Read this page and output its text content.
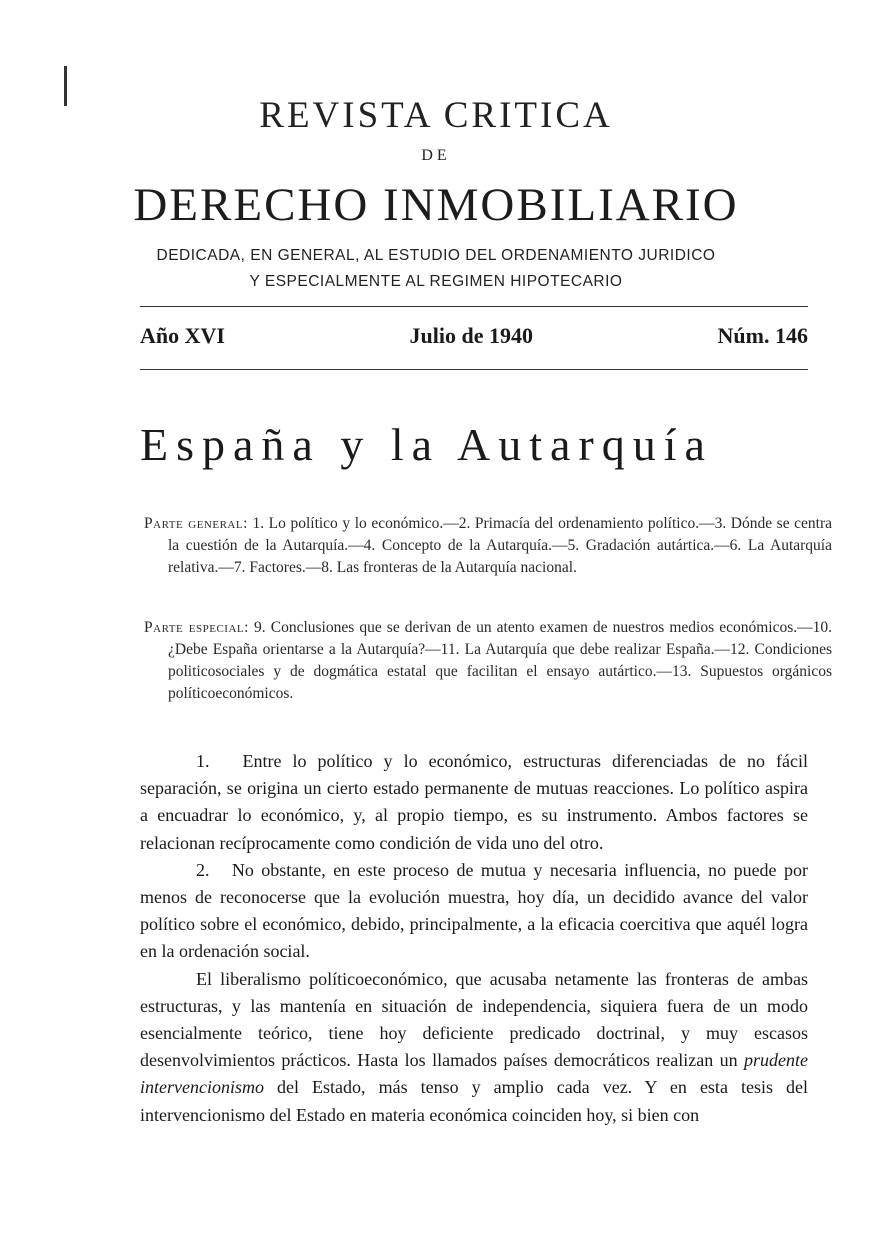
REVISTA CRITICA
DE
DERECHO INMOBILIARIO
DEDICADA, EN GENERAL, AL ESTUDIO DEL ORDENAMIENTO JURIDICO
Y ESPECIALMENTE AL REGIMEN HIPOTECARIO
Año XVI	Julio de 1940	Núm. 146
España y la Autarquía
Parte general: 1. Lo político y lo económico.—2. Primacía del ordenamiento político.—3. Dónde se centra la cuestión de la Autarquía.—4. Concepto de la Autarquía.—5. Gradación autártica.—6. La Autarquía relativa.—7. Factores.—8. Las fronteras de la Autarquía nacional.
Parte especial: 9. Conclusiones que se derivan de un atento examen de nuestros medios económicos.—10. ¿Debe España orientarse a la Autarquía?—11. La Autarquía que debe realizar España.—12. Condiciones politicosociales y de dogmática estatal que facilitan el ensayo autártico.—13. Supuestos orgánicos políticoeconómicos.

1.   Entre lo político y lo económico, estructuras diferenciadas de no fácil separación, se origina un cierto estado permanente de mutuas reacciones. Lo político aspira a encuadrar lo económico, y, al propio tiempo, es su instrumento. Ambos factores se relacionan recíprocamente como condición de vida uno del otro.

2.   No obstante, en este proceso de mutua y necesaria influencia, no puede por menos de reconocerse que la evolución muestra, hoy día, un decidido avance del valor político sobre el económico, debido, principalmente, a la eficacia coercitiva que aquél logra en la ordenación social.

El liberalismo políticoeconómico, que acusaba netamente las fronteras de ambas estructuras, y las mantenía en situación de independencia, siquiera fuera de un modo esencialmente teórico, tiene hoy deficiente predicado doctrinal, y muy escasos desenvolvimientos prácticos. Hasta los llamados países democráticos realizan un prudente intervencionismo del Estado, más tenso y amplio cada vez. Y en esta tesis del intervencionismo del Estado en materia económica coinciden hoy, si bien con
